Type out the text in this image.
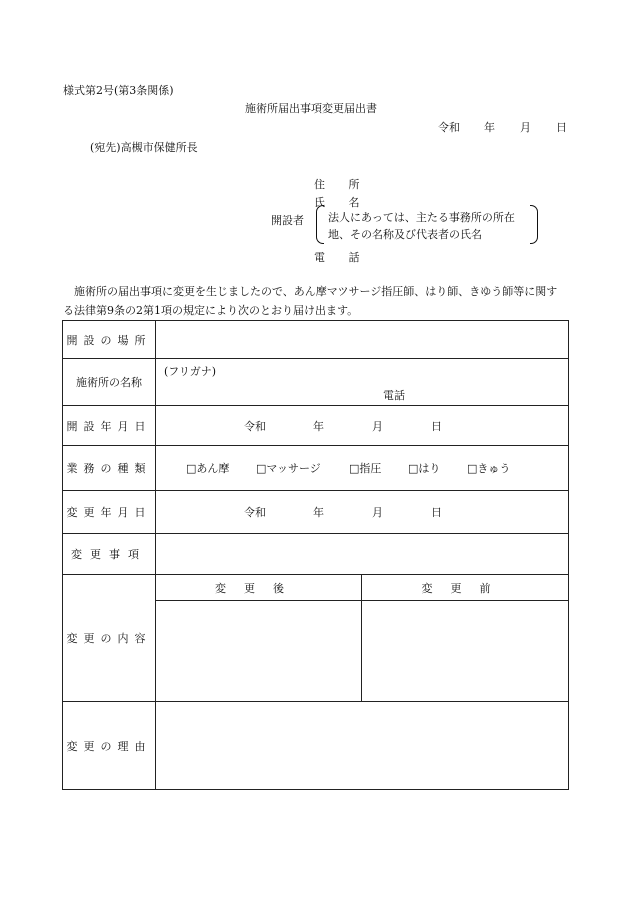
様式第2号(第3条関係)
施術所届出事項変更届出書
令和 年 月 日
(宛先)高槻市保健所長
住 所
氏 名
開設者 法人にあっては、主たる事務所の所在
地、その名称及び代表者の氏名
電 話
施術所の届出事項に変更を生じましたので、あん摩マツサージ指圧師、はり師、きゆう師等に関する法律第9条の2第1項の規定により次のとおり届け出ます。
開設の場所		
施術所の名称	(フリガナ)
電話	

開設年月日	令和 年 月 日	

業務の種類	□あん摩 □マッサージ □指圧 □はり □きゅう	

変更年月日	令和 年 月 日	

変更事項		
変更の内容	変更後	変更前

変更の理由		
